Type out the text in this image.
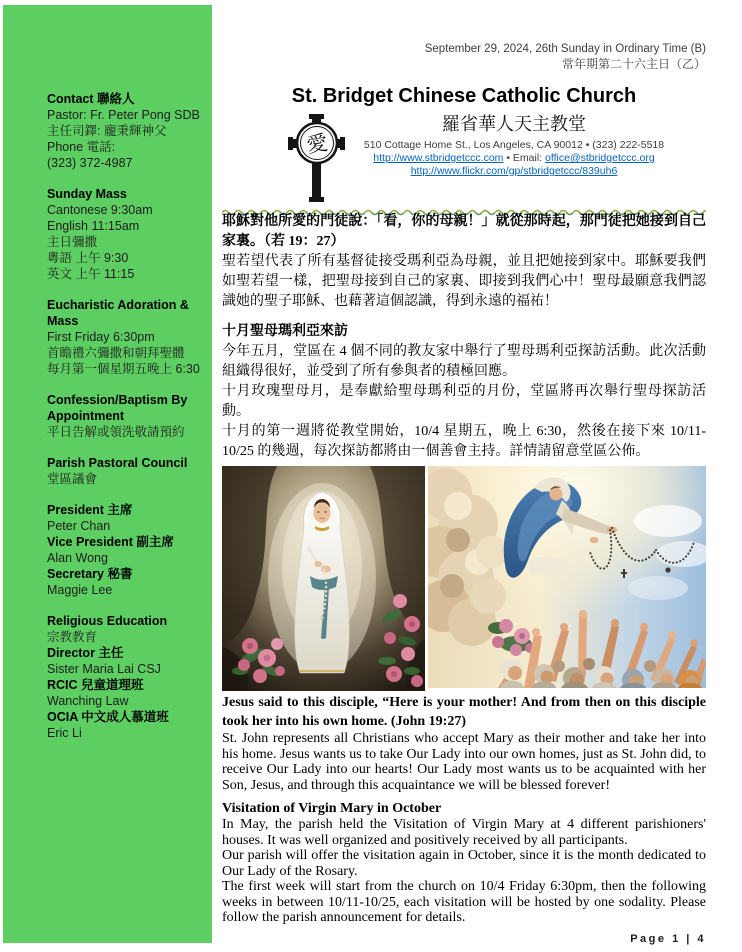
Contact 聯絡人
Pastor: Fr. Peter Pong SDB
主任司鐸: 龐秉輝神父
Phone 電話:
(323) 372-4987
Sunday Mass
Cantonese 9:30am
English 11:15am
主日彌撒
粵語 上午 9:30
英文 上午 11:15
Eucharistic Adoration & Mass
First Friday 6:30pm
首瞻禮六彌撒和朝拜聖體
每月第一個星期五晚上 6:30
Confession/Baptism By Appointment
平日告解或領洗敬請預約
Parish Pastoral Council
堂區議會
President 主席
Peter Chan
Vice President 副主席
Alan Wong
Secretary 秘書
Maggie Lee
Religious Education
宗教教育
Director 主任
Sister Maria Lai CSJ
RCIC 兒童道理班
Wanching Law
OCIA 中文成人慕道班
Eric Li
September 29, 2024, 26th Sunday in Ordinary Time (B)
常年期第二十六主日（乙）
St. Bridget Chinese Catholic Church
愛
羅省華人天主教堂
510 Cottage Home St., Los Angeles, CA 90012 • (323) 222-5518
http://www.stbridgetccc.com • Email: office@stbridgetccc.org
http://www.flickr.com/gp/stbridgetccc/839uh6

耶穌對他所愛的門徒說：「看，你的母親！」就從那時起，那門徒把她接到自己家裏。（若 19：27）

聖若望代表了所有基督徒接受瑪利亞為母親，並且把她接到家中。耶穌要我們如聖若望一樣，把聖母接到自己的家裏、即接到我們心中！聖母最願意我們認識她的聖子耶穌、也藉著這個認識，得到永遠的福祐！

十月聖母瑪利亞來訪

今年五月，堂區在 4 個不同的教友家中舉行了聖母瑪利亞探訪活動。此次活動組織得很好，並受到了所有參與者的積極回應。

十月玫瑰聖母月，是奉獻給聖母瑪利亞的月份，堂區將再次舉行聖母探訪活動。

十月的第一週將從教堂開始，10/4 星期五，晚上 6:30，然後在接下來 10/11-10/25 的幾週，每次探訪都將由一個善會主持。詳情請留意堂區公佈。

Jesus said to this disciple, “Here is your mother! And from then on this disciple took her into his own home. (John 19:27)

St. John represents all Christians who accept Mary as their mother and take her into his home. Jesus wants us to take Our Lady into our own homes, just as St. John did, to receive Our Lady into our hearts! Our Lady most wants us to be acquainted with her Son, Jesus, and through this acquaintance we will be blessed forever!

Visitation of Virgin Mary in October

In May, the parish held the Visitation of Virgin Mary at 4 different parishioners' houses. It was well organized and positively received by all participants.

Our parish will offer the visitation again in October, since it is the month dedicated to Our Lady of the Rosary.

The first week will start from the church on 10/4 Friday 6:30pm, then the following weeks in between 10/11-10/25, each visitation will be hosted by one sodality. Please follow the parish announcement for details.

Page 1 | 4
